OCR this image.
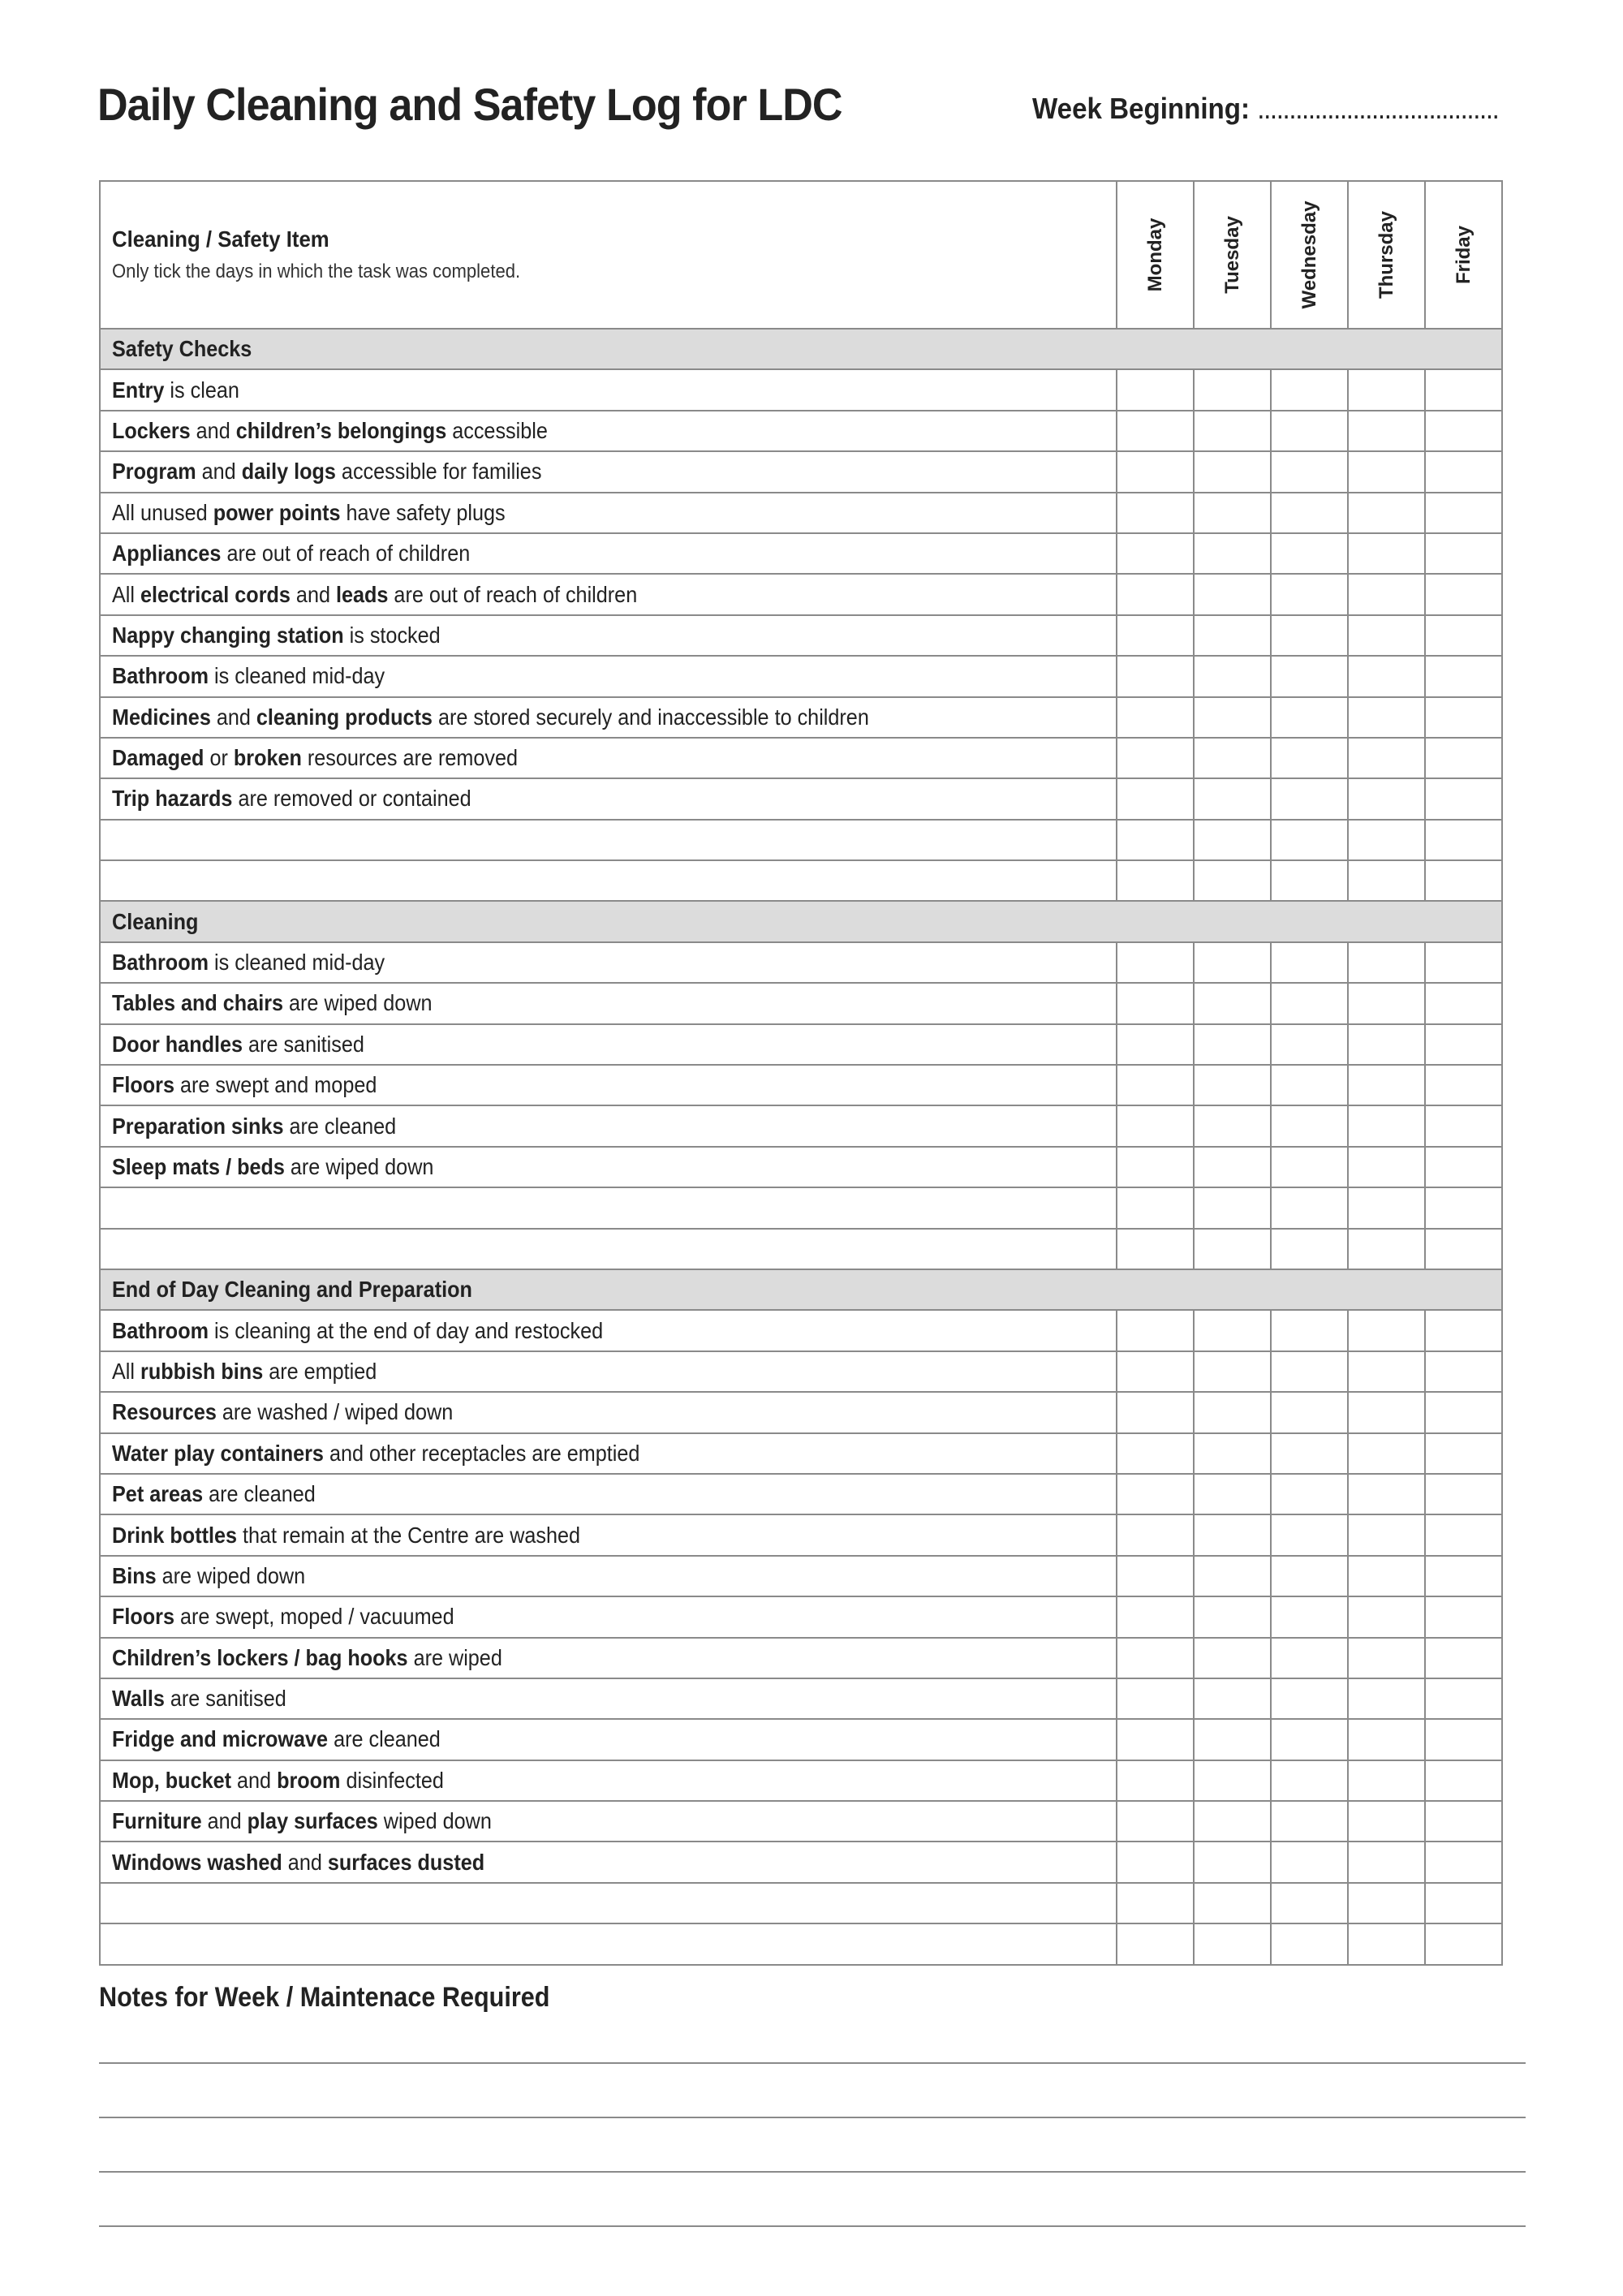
Daily Cleaning and Safety Log for LDC	Week Beginning: ......................................
Cleaning / Safety Item
Only tick the days in which the task was completed.	Monday	Tuesday	Wednesday	Thursday	Friday

Safety Checks					

Entry is clean					

Lockers and children’s belongings accessible					

Program and daily logs accessible for families					

All unused power points have safety plugs					

Appliances are out of reach of children					

All electrical cords and leads are out of reach of children					

Nappy changing station is stocked					

Bathroom is cleaned mid-day					

Medicines and cleaning products are stored securely and inaccessible to children					

Damaged or broken resources are removed					

Trip hazards are removed or contained					

Cleaning					

Bathroom is cleaned mid-day					

Tables and chairs are wiped down					

Door handles are sanitised					

Floors are swept and moped					

Preparation sinks are cleaned					

Sleep mats / beds are wiped down					

End of Day Cleaning and Preparation					

Bathroom is cleaning at the end of day and restocked					

All rubbish bins are emptied					

Resources are washed / wiped down					

Water play containers and other receptacles are emptied					

Pet areas are cleaned					

Drink bottles that remain at the Centre are washed					

Bins are wiped down					

Floors are swept, moped / vacuumed					

Children’s lockers / bag hooks are wiped					

Walls are sanitised					

Fridge and microwave are cleaned					

Mop, bucket and broom disinfected					

Furniture and play surfaces wiped down					

Windows washed and surfaces dusted					

Notes for Week / Maintenace Required
